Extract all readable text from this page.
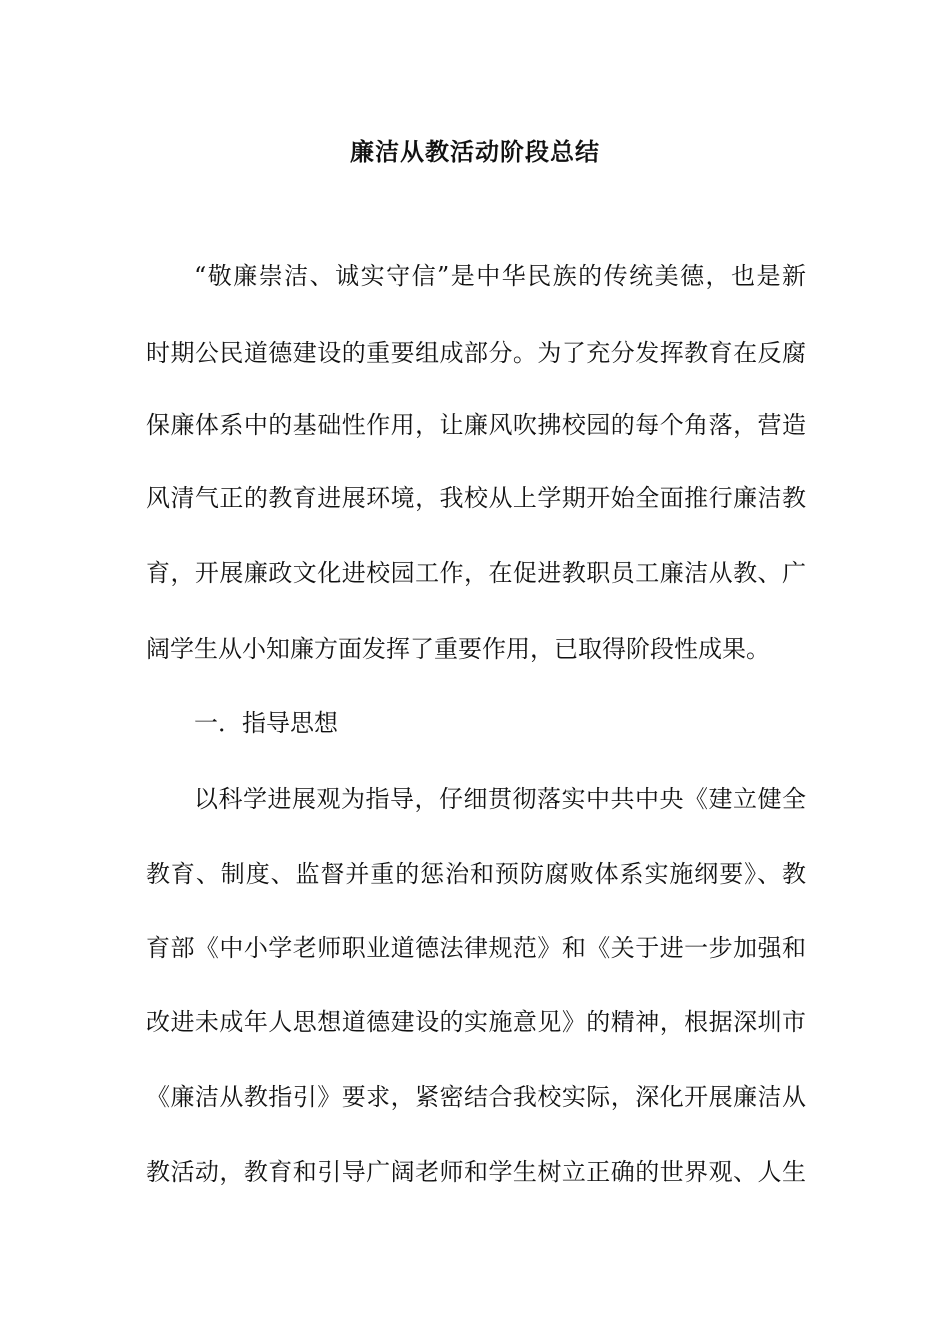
廉洁从教活动阶段总结
“敬廉崇洁、诚实守信”是中华民族的传统美德，也是新
时期公民道德建设的重要组成部分。为了充分发挥教育在反腐
保廉体系中的基础性作用，让廉风吹拂校园的每个角落，营造
风清气正的教育进展环境，我校从上学期开始全面推行廉洁教
育，开展廉政文化进校园工作，在促进教职员工廉洁从教、广
阔学生从小知廉方面发挥了重要作用，已取得阶段性成果。
一．指导思想
以科学进展观为指导，仔细贯彻落实中共中央《建立健全
教育、制度、监督并重的惩治和预防腐败体系实施纲要》、教
育部《中小学老师职业道德法律规范》和《关于进一步加强和
改进未成年人思想道德建设的实施意见》的精神，根据深圳市
《廉洁从教指引》要求，紧密结合我校实际，深化开展廉洁从
教活动，教育和引导广阔老师和学生树立正确的世界观、人生
